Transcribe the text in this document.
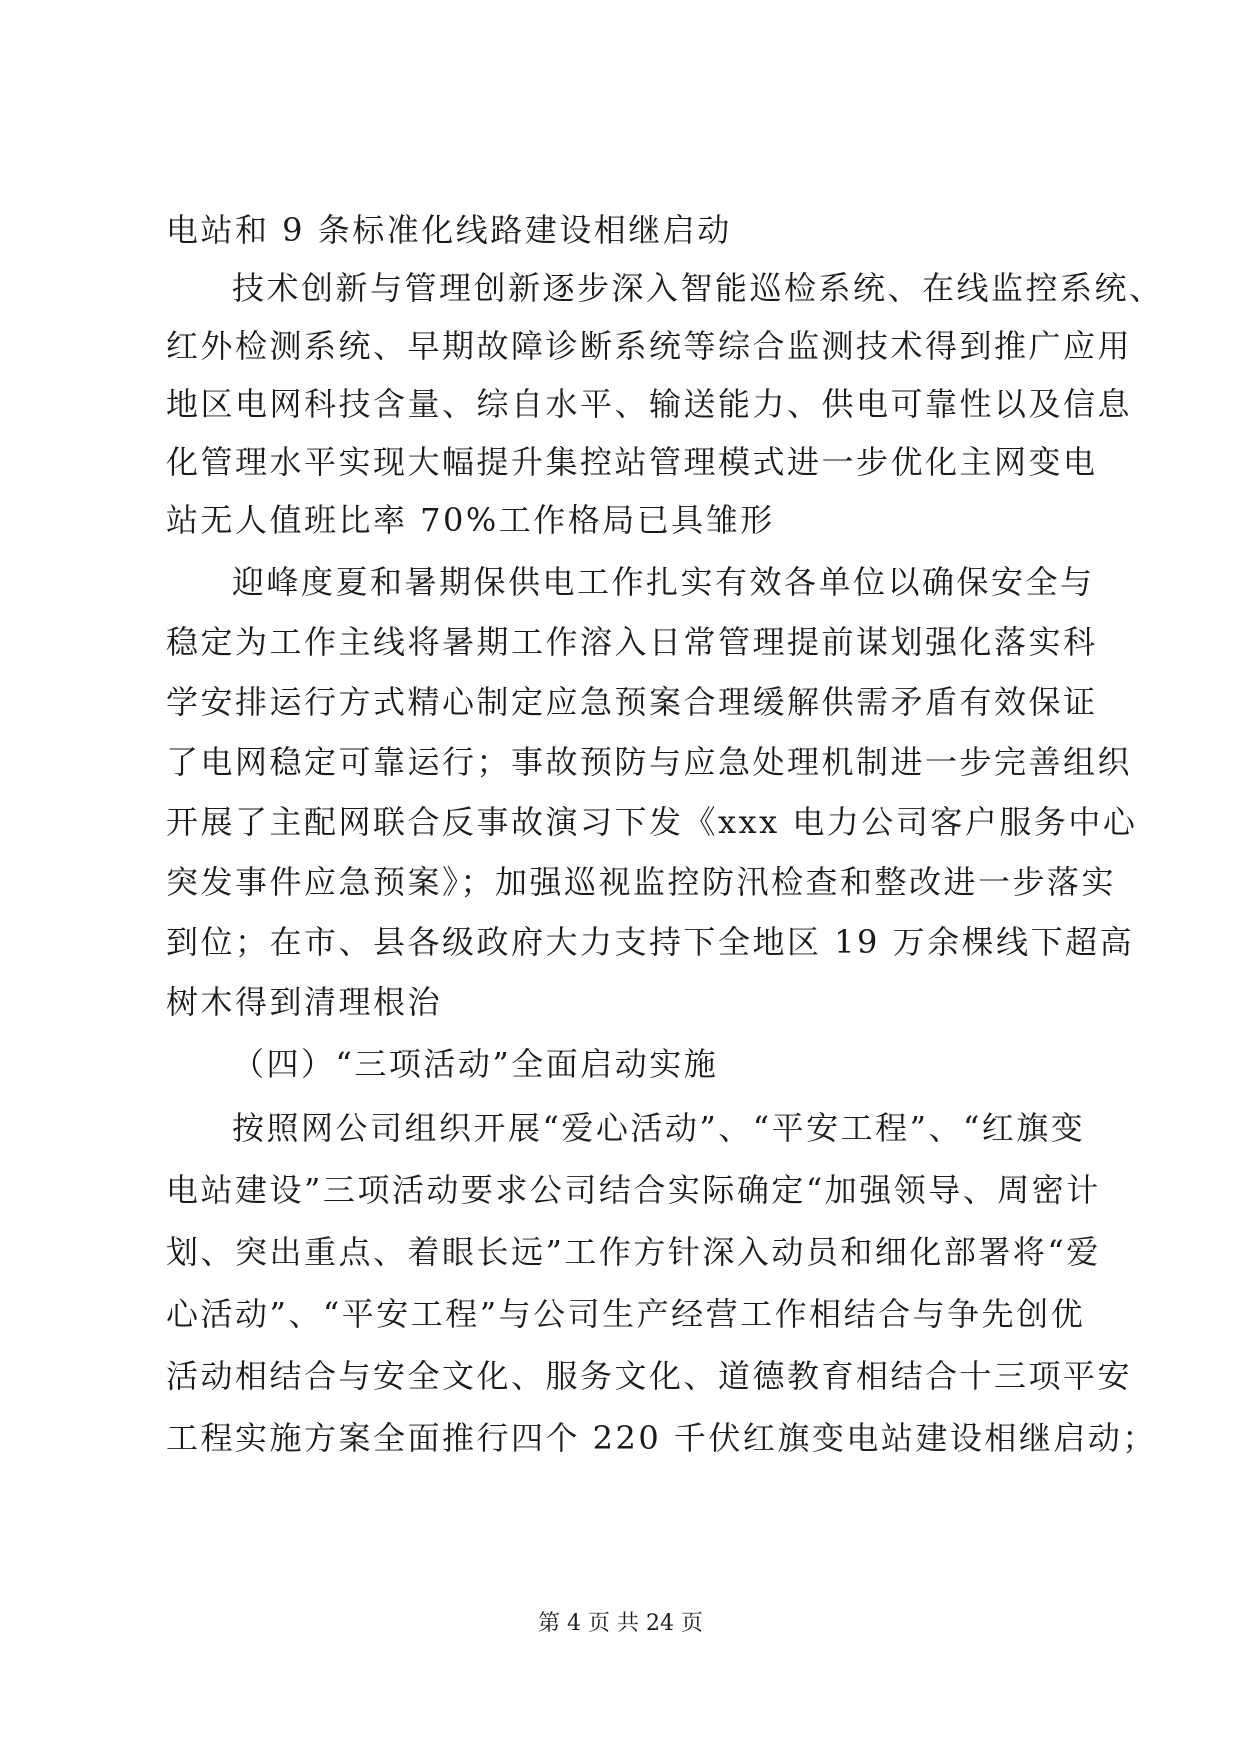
电站和 9 条标准化线路建设相继启动
技术创新与管理创新逐步深入智能巡检系统、在线监控系统、
红外检测系统、早期故障诊断系统等综合监测技术得到推广应用
地区电网科技含量、综自水平、输送能力、供电可靠性以及信息
化管理水平实现大幅提升集控站管理模式进一步优化主网变电
站无人值班比率 70%工作格局已具雏形
迎峰度夏和暑期保供电工作扎实有效各单位以确保安全与
稳定为工作主线将暑期工作溶入日常管理提前谋划强化落实科
学安排运行方式精心制定应急预案合理缓解供需矛盾有效保证
了电网稳定可靠运行；事故预防与应急处理机制进一步完善组织
开展了主配网联合反事故演习下发《xxx 电力公司客户服务中心
突发事件应急预案》；加强巡视监控防汛检查和整改进一步落实
到位；在市、县各级政府大力支持下全地区 19 万余棵线下超高
树木得到清理根治
（四）“三项活动”全面启动实施
按照网公司组织开展“爱心活动”、“平安工程”、“红旗变
电站建设”三项活动要求公司结合实际确定“加强领导、周密计
划、突出重点、着眼长远”工作方针深入动员和细化部署将“爱
心活动”、“平安工程”与公司生产经营工作相结合与争先创优
活动相结合与安全文化、服务文化、道德教育相结合十三项平安
工程实施方案全面推行四个 220 千伏红旗变电站建设相继启动；
第 4 页 共 24 页
